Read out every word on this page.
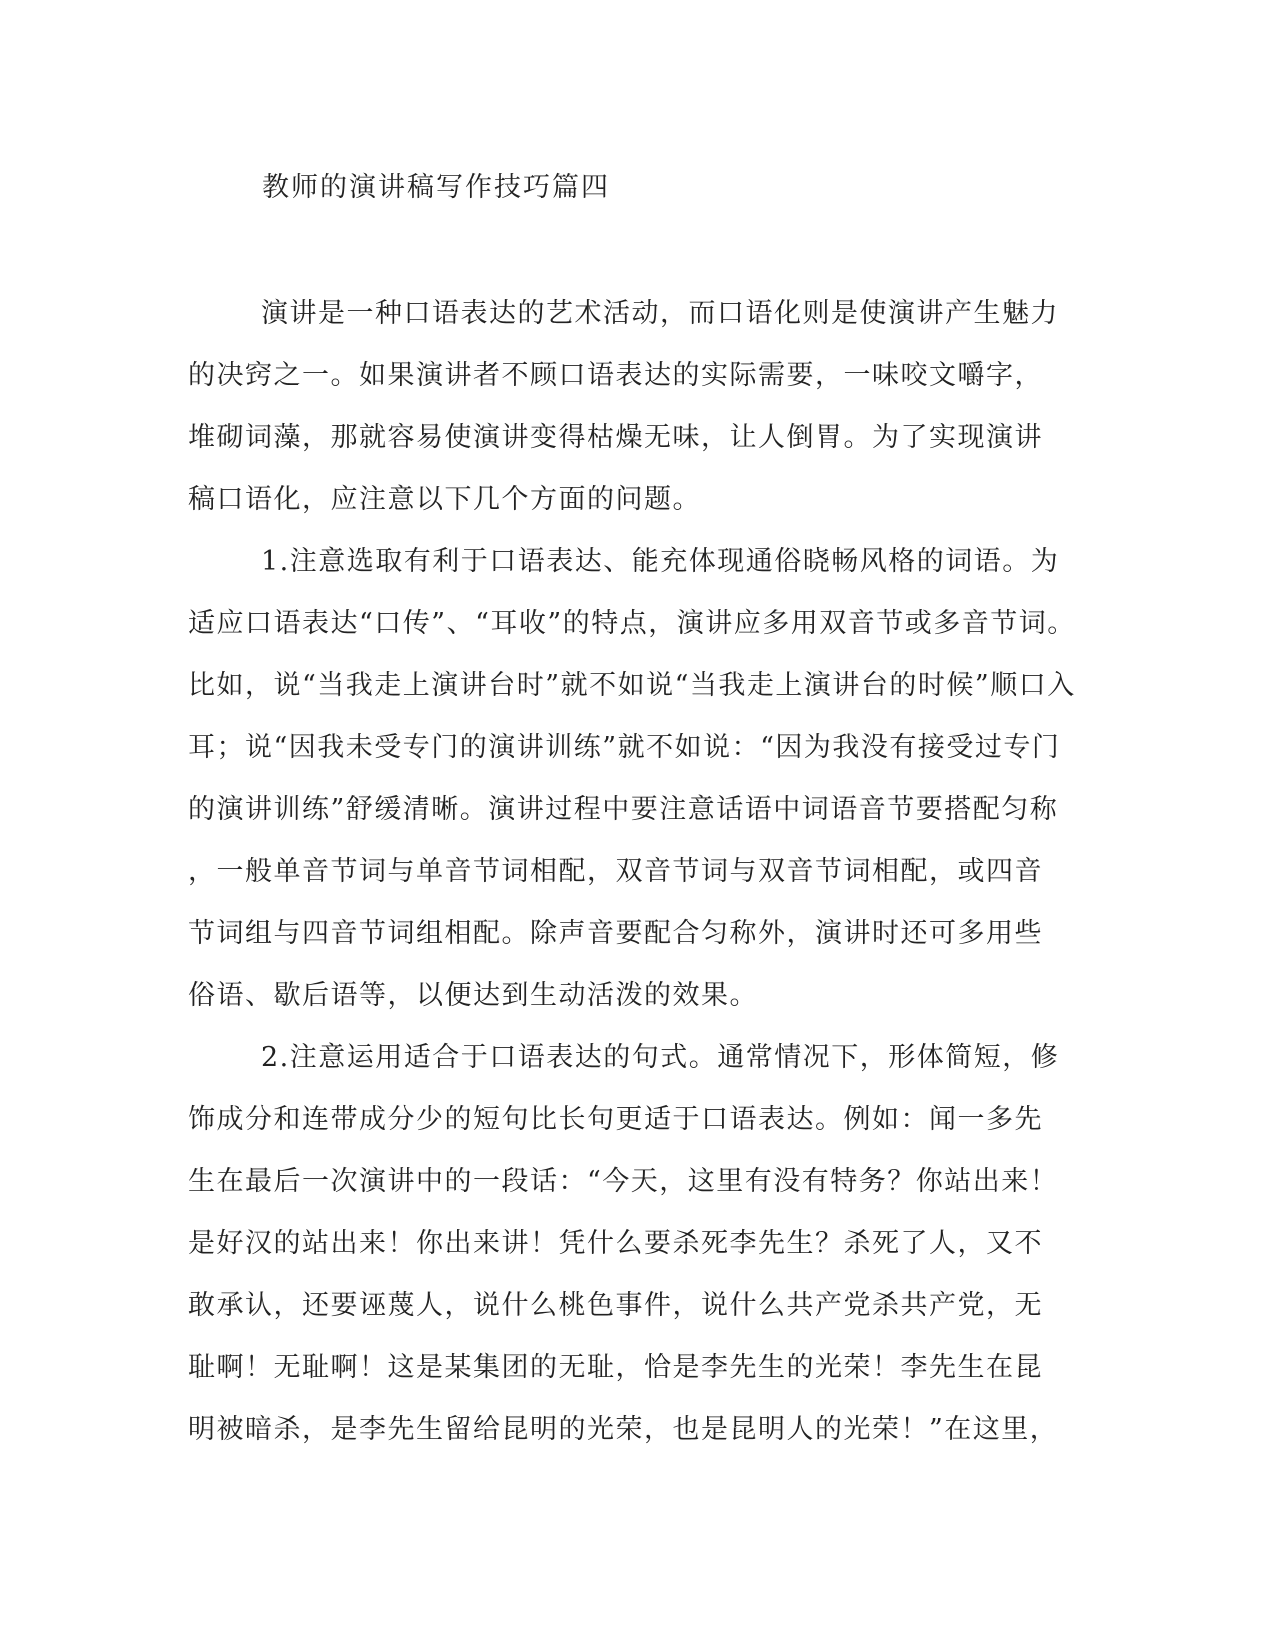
教师的演讲稿写作技巧篇四
演讲是一种口语表达的艺术活动，而口语化则是使演讲产生魅力
的决窍之一。如果演讲者不顾口语表达的实际需要，一味咬文嚼字，
堆砌词藻，那就容易使演讲变得枯燥无味，让人倒胃。为了实现演讲
稿口语化，应注意以下几个方面的问题。
1.注意选取有利于口语表达、能充体现通俗晓畅风格的词语。为
适应口语表达“口传”、“耳收”的特点，演讲应多用双音节或多音节词。
比如，说“当我走上演讲台时”就不如说“当我走上演讲台的时候”顺口入
耳；说“因我未受专门的演讲训练”就不如说：“因为我没有接受过专门
的演讲训练”舒缓清晰。演讲过程中要注意话语中词语音节要搭配匀称
，一般单音节词与单音节词相配，双音节词与双音节词相配，或四音
节词组与四音节词组相配。除声音要配合匀称外，演讲时还可多用些
俗语、歇后语等，以便达到生动活泼的效果。
2.注意运用适合于口语表达的句式。通常情况下，形体简短，修
饰成分和连带成分少的短句比长句更适于口语表达。例如：闻一多先
生在最后一次演讲中的一段话：“今天，这里有没有特务？你站出来！
是好汉的站出来！你出来讲！凭什么要杀死李先生？杀死了人，又不
敢承认，还要诬蔑人，说什么桃色事件，说什么共产党杀共产党，无
耻啊！无耻啊！这是某集团的无耻，恰是李先生的光荣！李先生在昆
明被暗杀，是李先生留给昆明的光荣，也是昆明人的光荣！”在这里，
